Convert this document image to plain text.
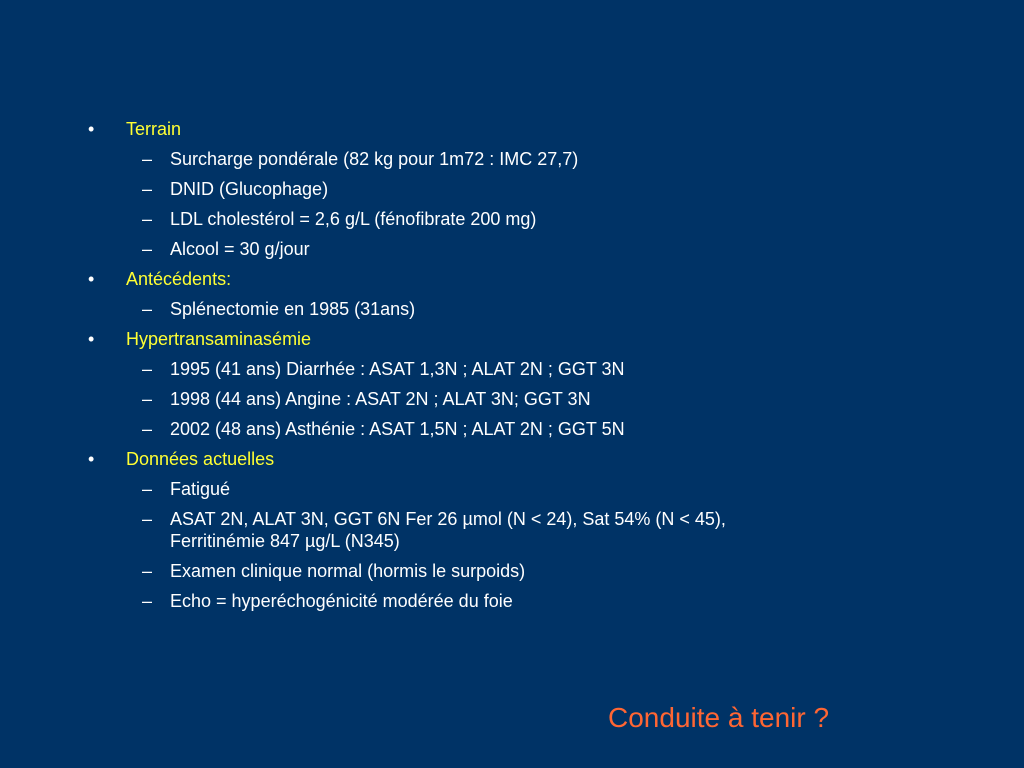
•	Terrain
– Surcharge pondérale (82 kg pour 1m72 : IMC 27,7)
– DNID (Glucophage)
– LDL cholestérol = 2,6 g/L (fénofibrate 200 mg)
– Alcool = 30 g/jour
•	Antécédents:
– Splénectomie en 1985 (31ans)
•	Hypertransaminasémie
– 1995 (41 ans) Diarrhée : ASAT 1,3N ; ALAT 2N ; GGT 3N
– 1998 (44 ans) Angine : ASAT 2N ; ALAT 3N; GGT 3N
– 2002 (48 ans) Asthénie : ASAT 1,5N ; ALAT 2N ; GGT 5N
•	Données actuelles
– Fatigué
– ASAT 2N, ALAT 3N, GGT 6N Fer 26 µmol (N < 24), Sat 54% (N < 45),
Ferritinémie 847 µg/L (N345)
– Examen clinique normal (hormis le surpoids)
– Echo = hyperéchogénicité modérée du foie
Conduite à tenir ?
